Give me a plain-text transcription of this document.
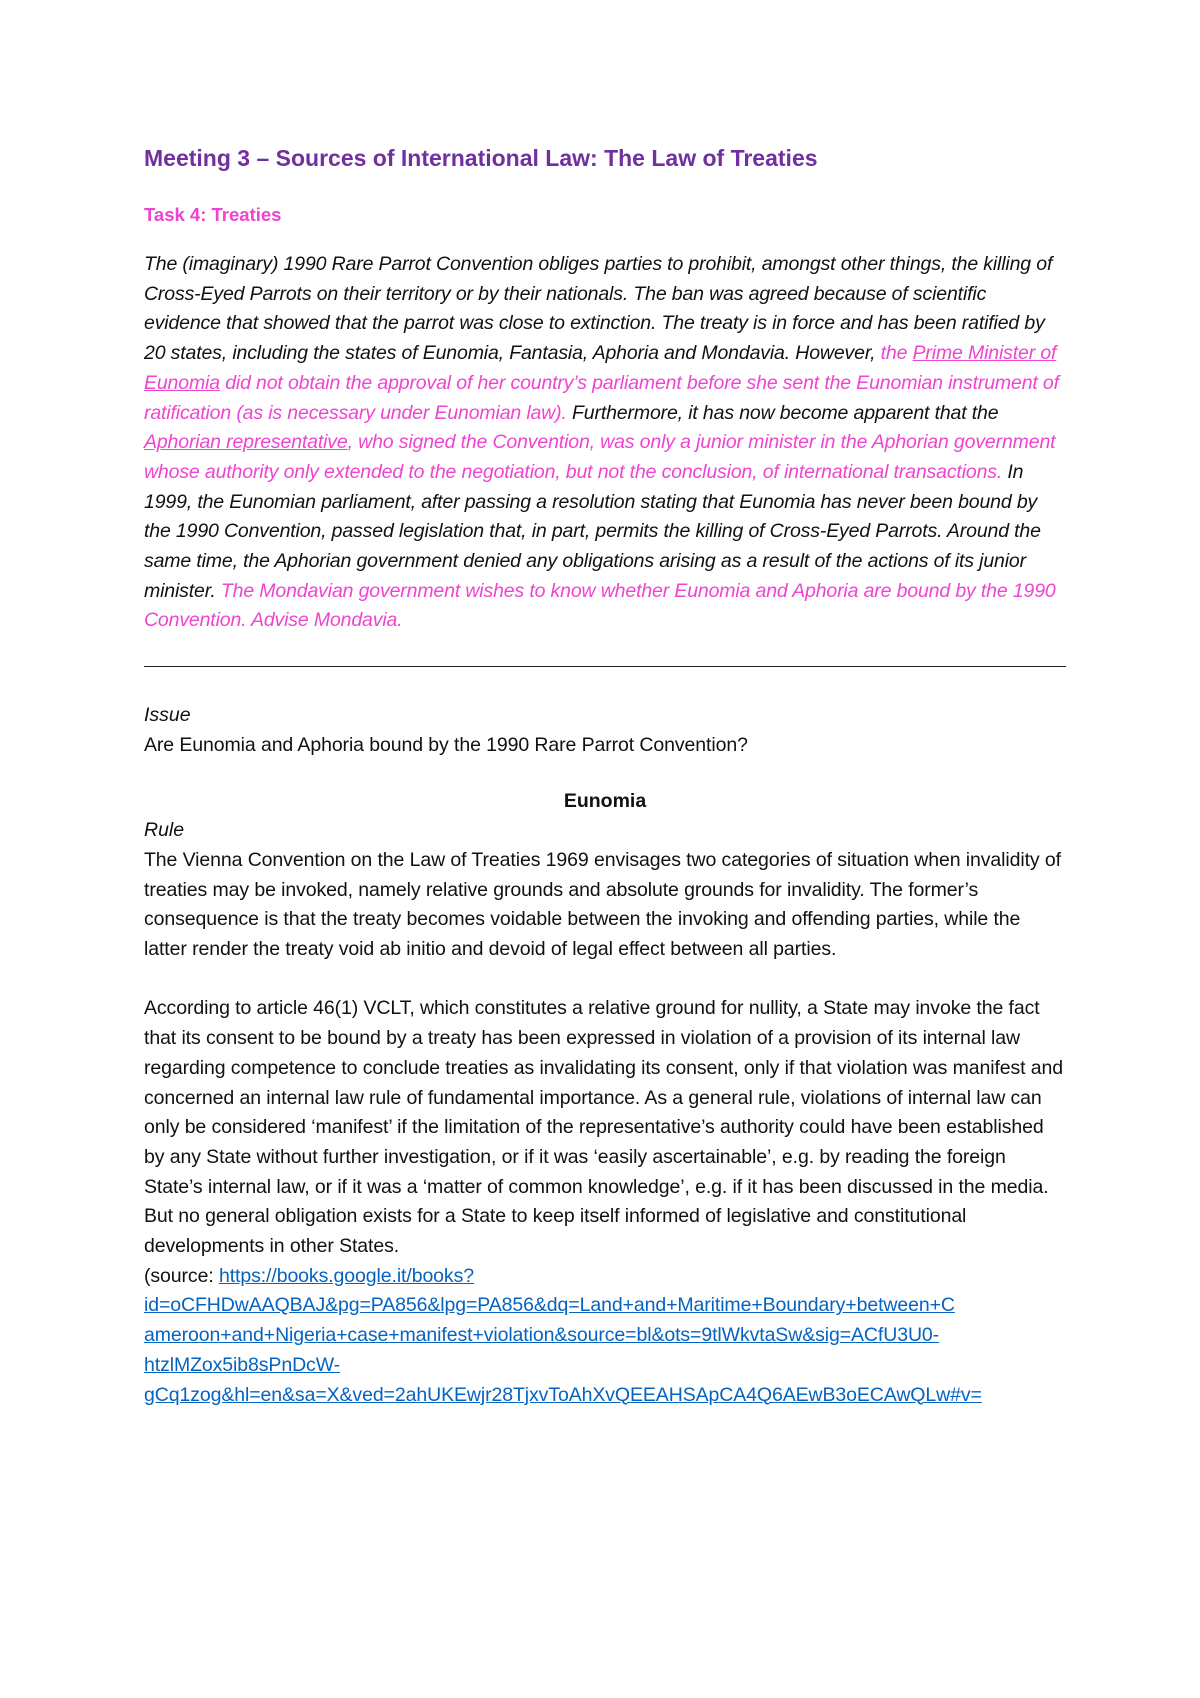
Meeting 3 – Sources of International Law: The Law of Treaties
Task 4: Treaties

The (imaginary) 1990 Rare Parrot Convention obliges parties to prohibit, amongst other things, the killing of Cross-Eyed Parrots on their territory or by their nationals. The ban was agreed because of scientific evidence that showed that the parrot was close to extinction. The treaty is in force and has been ratified by 20 states, including the states of Eunomia, Fantasia, Aphoria and Mondavia. However, the Prime Minister of Eunomia did not obtain the approval of her country’s parliament before she sent the Eunomian instrument of ratification (as is necessary under Eunomian law). Furthermore, it has now become apparent that the Aphorian representative, who signed the Convention, was only a junior minister in the Aphorian government whose authority only extended to the negotiation, but not the conclusion, of international transactions. In 1999, the Eunomian parliament, after passing a resolution stating that Eunomia has never been bound by the 1990 Convention, passed legislation that, in part, permits the killing of Cross-Eyed Parrots. Around the same time, the Aphorian government denied any obligations arising as a result of the actions of its junior minister. The Mondavian government wishes to know whether Eunomia and Aphoria are bound by the 1990 Convention. Advise Mondavia.

Issue

Are Eunomia and Aphoria bound by the 1990 Rare Parrot Convention?

Eunomia

Rule

The Vienna Convention on the Law of Treaties 1969 envisages two categories of situation when invalidity of treaties may be invoked, namely relative grounds and absolute grounds for invalidity. The former’s consequence is that the treaty becomes voidable between the invoking and offending parties, while the latter render the treaty void ab initio and devoid of legal effect between all parties.

According to article 46(1) VCLT, which constitutes a relative ground for nullity, a State may invoke the fact that its consent to be bound by a treaty has been expressed in violation of a provision of its internal law regarding competence to conclude treaties as invalidating its consent, only if that violation was manifest and concerned an internal law rule of fundamental importance. As a general rule, violations of internal law can only be considered ‘manifest’ if the limitation of the representative’s authority could have been established by any State without further investigation, or if it was ‘easily ascertainable’, e.g. by reading the foreign State’s internal law, or if it was a ‘matter of common knowledge’, e.g. if it has been discussed in the media. But no general obligation exists for a State to keep itself informed of legislative and constitutional developments in other States.

(source: https://books.google.it/books?
id=oCFHDwAAQBAJ&pg=PA856&lpg=PA856&dq=Land+and+Maritime+Boundary+between+C
ameroon+and+Nigeria+case+manifest+violation&source=bl&ots=9tlWkvtaSw&sig=ACfU3U0-
htzlMZox5ib8sPnDcW-
gCq1zog&hl=en&sa=X&ved=2ahUKEwjr28TjxvToAhXvQEEAHSApCA4Q6AEwB3oECAwQLw#v=
